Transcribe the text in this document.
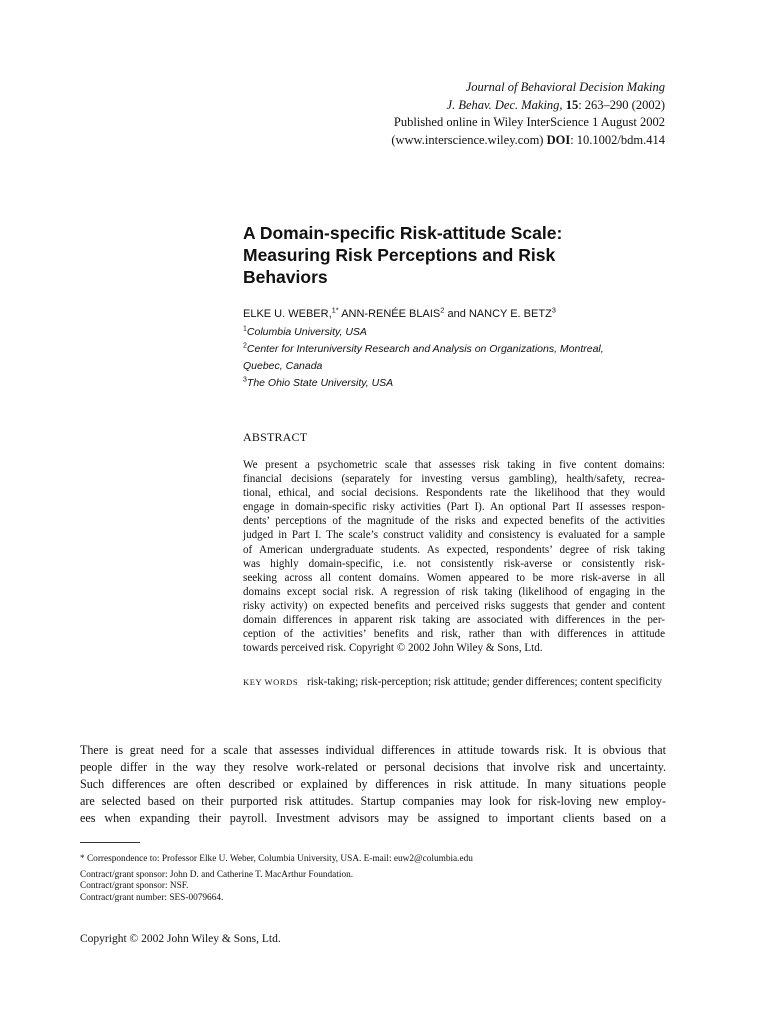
Journal of Behavioral Decision Making
J. Behav. Dec. Making, 15: 263–290 (2002)
Published online in Wiley InterScience 1 August 2002
(www.interscience.wiley.com) DOI: 10.1002/bdm.414
A Domain-specific Risk-attitude Scale:
Measuring Risk Perceptions and Risk
Behaviors
ELKE U. WEBER,$^{1*}$ ANN-RENÉE BLAIS$^2$ and NANCY E. BETZ$^3$
$^1$Columbia University, USA
$^2$Center for Interuniversity Research and Analysis on Organizations, Montreal,
Quebec, Canada
$^3$The Ohio State University, USA
ABSTRACT
We present a psychometric scale that assesses risk taking in five content domains:
financial decisions (separately for investing versus gambling), health/safety, recrea-
tional, ethical, and social decisions. Respondents rate the likelihood that they would
engage in domain-specific risky activities (Part I). An optional Part II assesses respon-
dents’ perceptions of the magnitude of the risks and expected benefits of the activities
judged in Part I. The scale’s construct validity and consistency is evaluated for a sample
of American undergraduate students. As expected, respondents’ degree of risk taking
was highly domain-specific, i.e. not consistently risk-averse or consistently risk-
seeking across all content domains. Women appeared to be more risk-averse in all
domains except social risk. A regression of risk taking (likelihood of engaging in the
risky activity) on expected benefits and perceived risks suggests that gender and content
domain differences in apparent risk taking are associated with differences in the per-
ception of the activities’ benefits and risk, rather than with differences in attitude
towards perceived risk. Copyright © 2002 John Wiley & Sons, Ltd.
KEY WORDS risk-taking; risk-perception; risk attitude; gender differences; content specificity
There is great need for a scale that assesses individual differences in attitude towards risk. It is obvious that
people differ in the way they resolve work-related or personal decisions that involve risk and uncertainty.
Such differences are often described or explained by differences in risk attitude. In many situations people
are selected based on their purported risk attitudes. Startup companies may look for risk-loving new employ-
ees when expanding their payroll. Investment advisors may be assigned to important clients based on a
* Correspondence to: Professor Elke U. Weber, Columbia University, USA. E-mail: euw2@columbia.edu
Contract/grant sponsor: John D. and Catherine T. MacArthur Foundation.
Contract/grant sponsor: NSF.
Contract/grant number: SES-0079664.
Copyright © 2002 John Wiley & Sons, Ltd.
